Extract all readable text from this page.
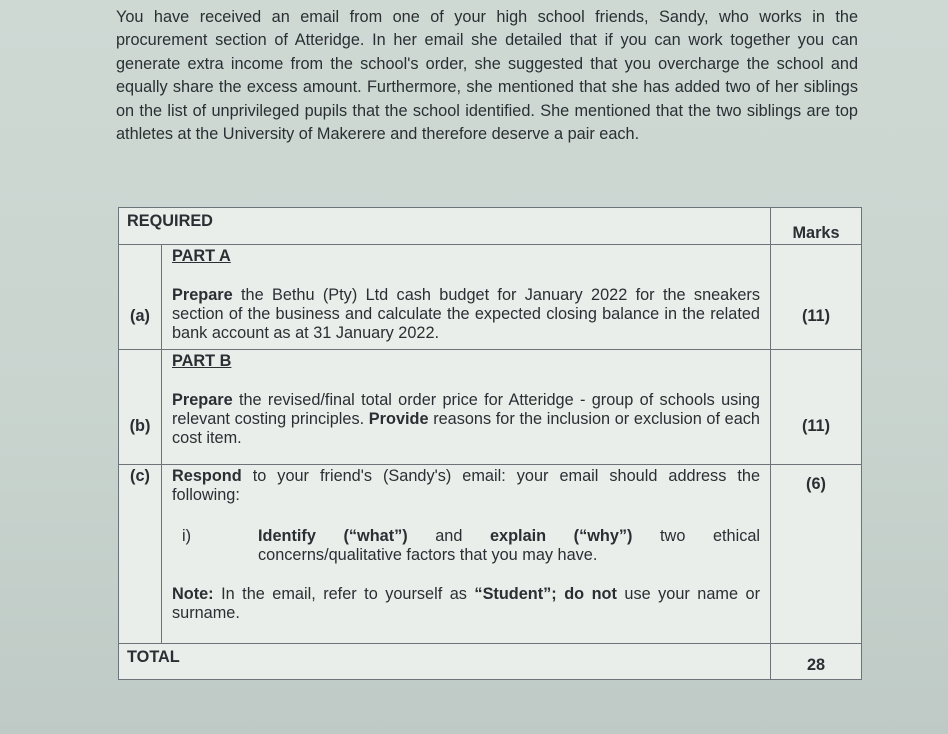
You have received an email from one of your high school friends, Sandy, who works in the procurement section of Atteridge. In her email she detailed that if you can work together you can generate extra income from the school's order, she suggested that you overcharge the school and equally share the excess amount. Furthermore, she mentioned that she has added two of her siblings on the list of unprivileged pupils that the school identified. She mentioned that the two siblings are top athletes at the University of Makerere and therefore deserve a pair each.

REQUIRED		Marks
(a)	PART A
Prepare the Bethu (Pty) Ltd cash budget for January 2022 for the sneakers section of the business and calculate the expected closing balance in the related bank account as at 31 January 2022.	(11)
(b)	PART B
Prepare the revised/final total order price for Atteridge - group of schools using relevant costing principles. Provide reasons for the inclusion or exclusion of each cost item.	(11)
(c)	Respond to your friend's (Sandy's) email: your email should address the following:
i) Identify (“what”) and explain (“why”) two ethical concerns/qualitative factors that you may have.
Note: In the email, refer to yourself as “Student”; do not use your name or surname.	(6)
TOTAL		28
